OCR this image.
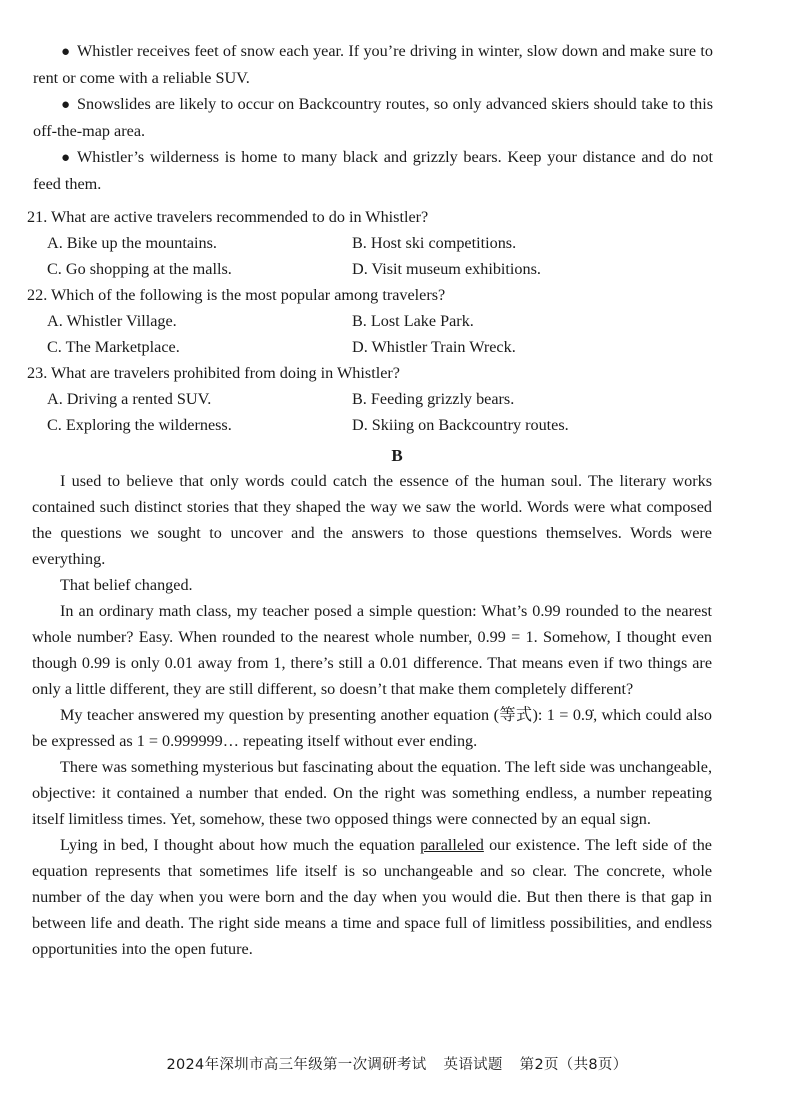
● Whistler receives feet of snow each year. If you’re driving in winter, slow down and make sure to rent or come with a reliable SUV.

● Snowslides are likely to occur on Backcountry routes, so only advanced skiers should take to this off-the-map area.

● Whistler’s wilderness is home to many black and grizzly bears. Keep your distance and do not feed them.

21. What are active travelers recommended to do in Whistler?

A. Bike up the mountains.	B. Host ski competitions.
C. Go shopping at the malls.	D. Visit museum exhibitions.

22. Which of the following is the most popular among travelers?

A. Whistler Village.	B. Lost Lake Park.
C. The Marketplace.	D. Whistler Train Wreck.

23. What are travelers prohibited from doing in Whistler?

A. Driving a rented SUV.	B. Feeding grizzly bears.
C. Exploring the wilderness.	D. Skiing on Backcountry routes.
B

I used to believe that only words could catch the essence of the human soul. The literary works contained such distinct stories that they shaped the way we saw the world. Words were what composed the questions we sought to uncover and the answers to those questions themselves. Words were everything.

That belief changed.

In an ordinary math class, my teacher posed a simple question: What’s 0.99 rounded to the nearest whole number? Easy. When rounded to the nearest whole number, 0.99 = 1. Somehow, I thought even though 0.99 is only 0.01 away from 1, there’s still a 0.01 difference. That means even if two things are only a little different, they are still different, so doesn’t that make them completely different?

My teacher answered my question by presenting another equation (等式): 1 = 0.9̇, which could also be expressed as 1 = 0.999999… repeating itself without ever ending.

There was something mysterious but fascinating about the equation. The left side was unchangeable, objective: it contained a number that ended. On the right was something endless, a number repeating itself limitless times. Yet, somehow, these two opposed things were connected by an equal sign.

Lying in bed, I thought about how much the equation paralleled our existence. The left side of the equation represents that sometimes life itself is so unchangeable and so clear. The concrete, whole number of the day when you were born and the day when you would die. But then there is that gap in between life and death. The right side means a time and space full of limitless possibilities, and endless opportunities into the open future.

2024年深圳市高三年级第一次调研考试 英语试题 第2页（共8页）
